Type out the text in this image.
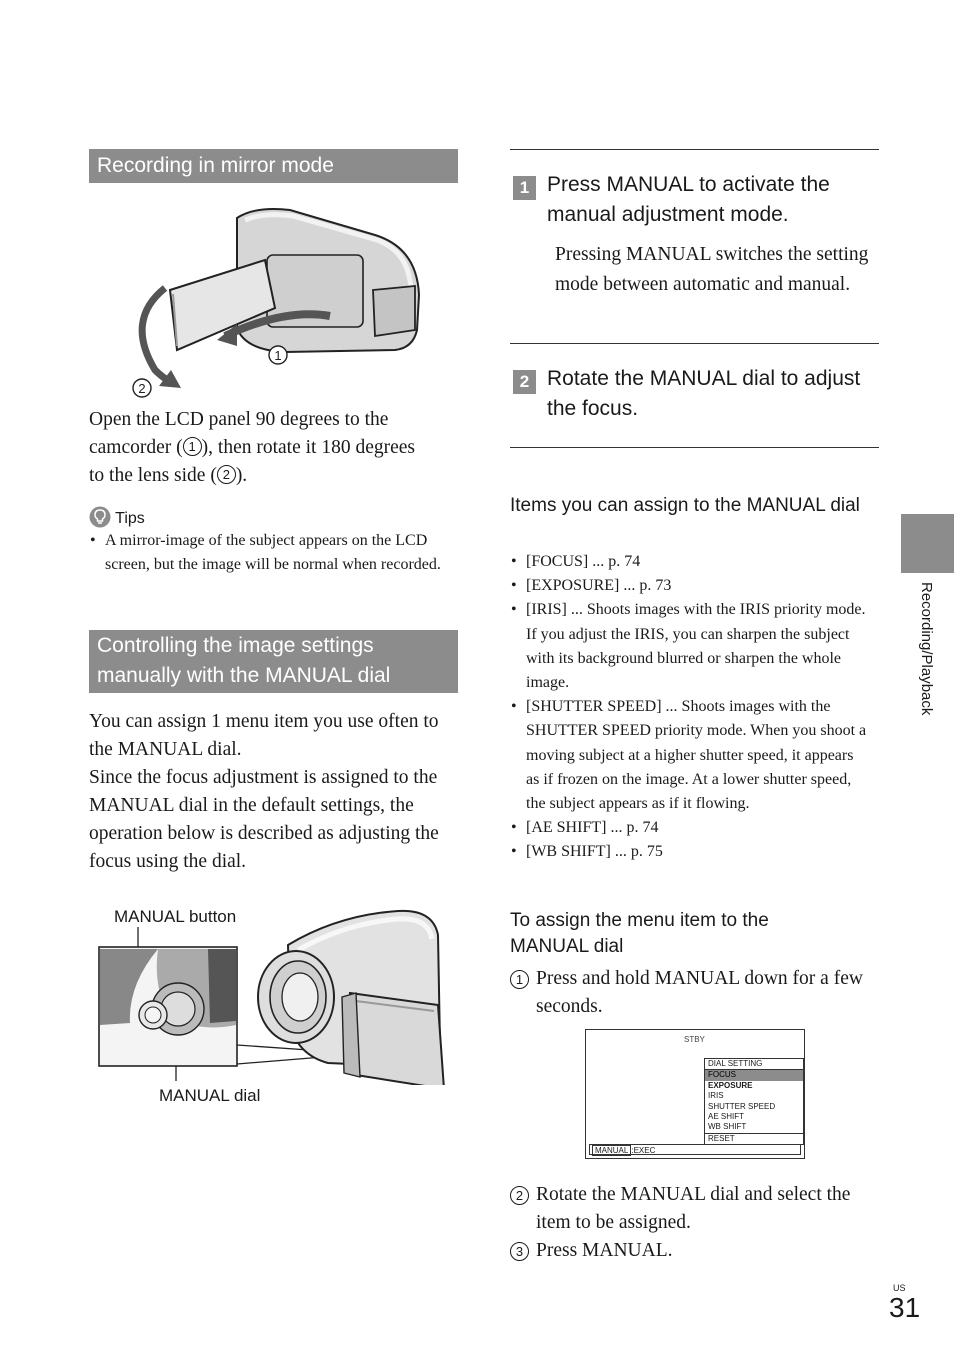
Recording in mirror mode
1
2
Open the LCD panel 90 degrees to the
camcorder ( 1 ), then rotate it 180 degrees
to the lens side ( 2 ).
Tips
• A mirror-image of the subject appears on the LCD screen, but the image will be normal when recorded.
Controlling the image settings manually with the MANUAL dial
You can assign 1 menu item you use often to the MANUAL dial.
Since the focus adjustment is assigned to the MANUAL dial in the default settings, the operation below is described as adjusting the focus using the dial.
MANUAL button
MANUAL dial
1 Press MANUAL to activate the manual adjustment mode.
Pressing MANUAL switches the setting mode between automatic and manual.
2 Rotate the MANUAL dial to adjust the focus.
Items you can assign to the MANUAL dial
• [FOCUS] ... p. 74
• [EXPOSURE] ... p. 73
• [IRIS] ... Shoots images with the IRIS priority mode. If you adjust the IRIS, you can sharpen the subject with its background blurred or sharpen the whole image.
• [SHUTTER SPEED] ... Shoots images with the SHUTTER SPEED priority mode. When you shoot a moving subject at a higher shutter speed, it appears as if frozen on the image. At a lower shutter speed, the subject appears as if it flowing.
• [AE SHIFT] ... p. 74
• [WB SHIFT] ... p. 75
To assign the menu item to the MANUAL dial
1 Press and hold MANUAL down for a few seconds.
STBY
DIAL SETTING
FOCUS
EXPOSURE
IRIS
SHUTTER SPEED
AE SHIFT
WB SHIFT
RESET
MANUAL :EXEC
2 Rotate the MANUAL dial and select the item to be assigned.
3 Press MANUAL.
Recording/Playback
US
31
